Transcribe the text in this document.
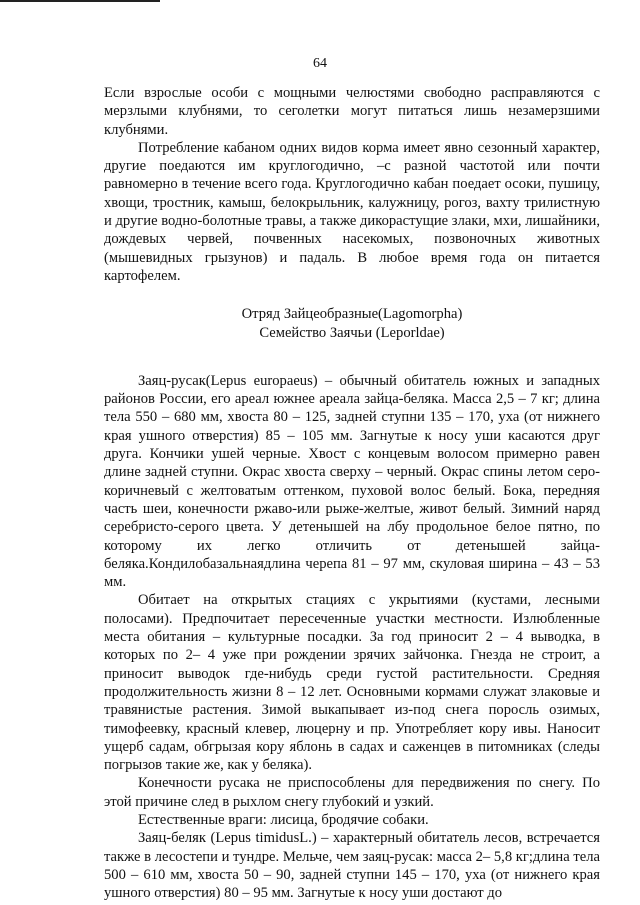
64

Если взрослые особи с мощными челюстями свободно расправляются с мерзлыми клубнями, то сеголетки могут питаться лишь незамерзшими клубнями.

Потребление кабаном одних видов корма имеет явно сезонный характер, другие поедаются им круглогодично, –с разной частотой или почти равномерно в течение всего года. Круглогодично кабан поедает осоки, пушицу, хвощи, тростник, камыш, белокрыльник, калужницу, рогоз, вахту трилистную и другие водно-болотные травы, а также дикорастущие злаки, мхи, лишайники, дождевых червей, почвенных насекомых, позвоночных животных (мышевидных грызунов) и падаль. В любое время года он питается картофелем.

Отряд Зайцеобразные(Lagomorpha)
Семейство Заячьи (Leporldae)

Заяц-русак(Lepus europaeus) – обычный обитатель южных и западных районов России, его ареал южнее ареала зайца-беляка. Масса 2,5 – 7 кг; длина тела 550 – 680 мм, хвоста 80 – 125, задней ступни 135 – 170, уха (от нижнего края ушного отверстия) 85 – 105 мм. Загнутые к носу уши касаются друг друга. Кончики ушей черные. Хвост с концевым волосом примерно равен длине задней ступни. Окрас хвоста сверху – черный. Окрас спины летом серо-коричневый с желтоватым оттенком, пуховой волос белый. Бока, передняя часть шеи, конечности ржаво-или рыже-желтые, живот белый. Зимний наряд серебристо-серого цвета. У детенышей на лбу продольное белое пятно, по которому их легко отличить от детенышей зайца-беляка.Кондилобазальнаядлина черепа 81 – 97 мм, скуловая ширина – 43 – 53 мм.

Обитает на открытых стациях с укрытиями (кустами, лесными полосами). Предпочитает пересеченные участки местности. Излюбленные места обитания – культурные посадки. За год приносит 2 – 4 выводка, в которых по 2– 4 уже при рождении зрячих зайчонка. Гнезда не строит, а приносит выводок где-нибудь среди густой растительности. Средняя продолжительность жизни 8 – 12 лет. Основными кормами служат злаковые и травянистые растения. Зимой выкапывает из-под снега поросль озимых, тимофеевку, красный клевер, люцерну и пр. Употребляет кору ивы. Наносит ущерб садам, обгрызая кору яблонь в садах и саженцев в питомниках (следы погрызов такие же, как у беляка).

Конечности русака не приспособлены для передвижения по снегу. По этой причине след в рыхлом снегу глубокий и узкий.

Естественные враги: лисица, бродячие собаки.

Заяц-беляк (Lepus timidusL.) – характерный обитатель лесов, встречается также в лесостепи и тундре. Мельче, чем заяц-русак: масса 2– 5,8 кг;длина тела 500 – 610 мм, хвоста 50 – 90, задней ступни 145 – 170, уха (от нижнего края ушного отверстия) 80 – 95 мм. Загнутые к носу уши достают до
